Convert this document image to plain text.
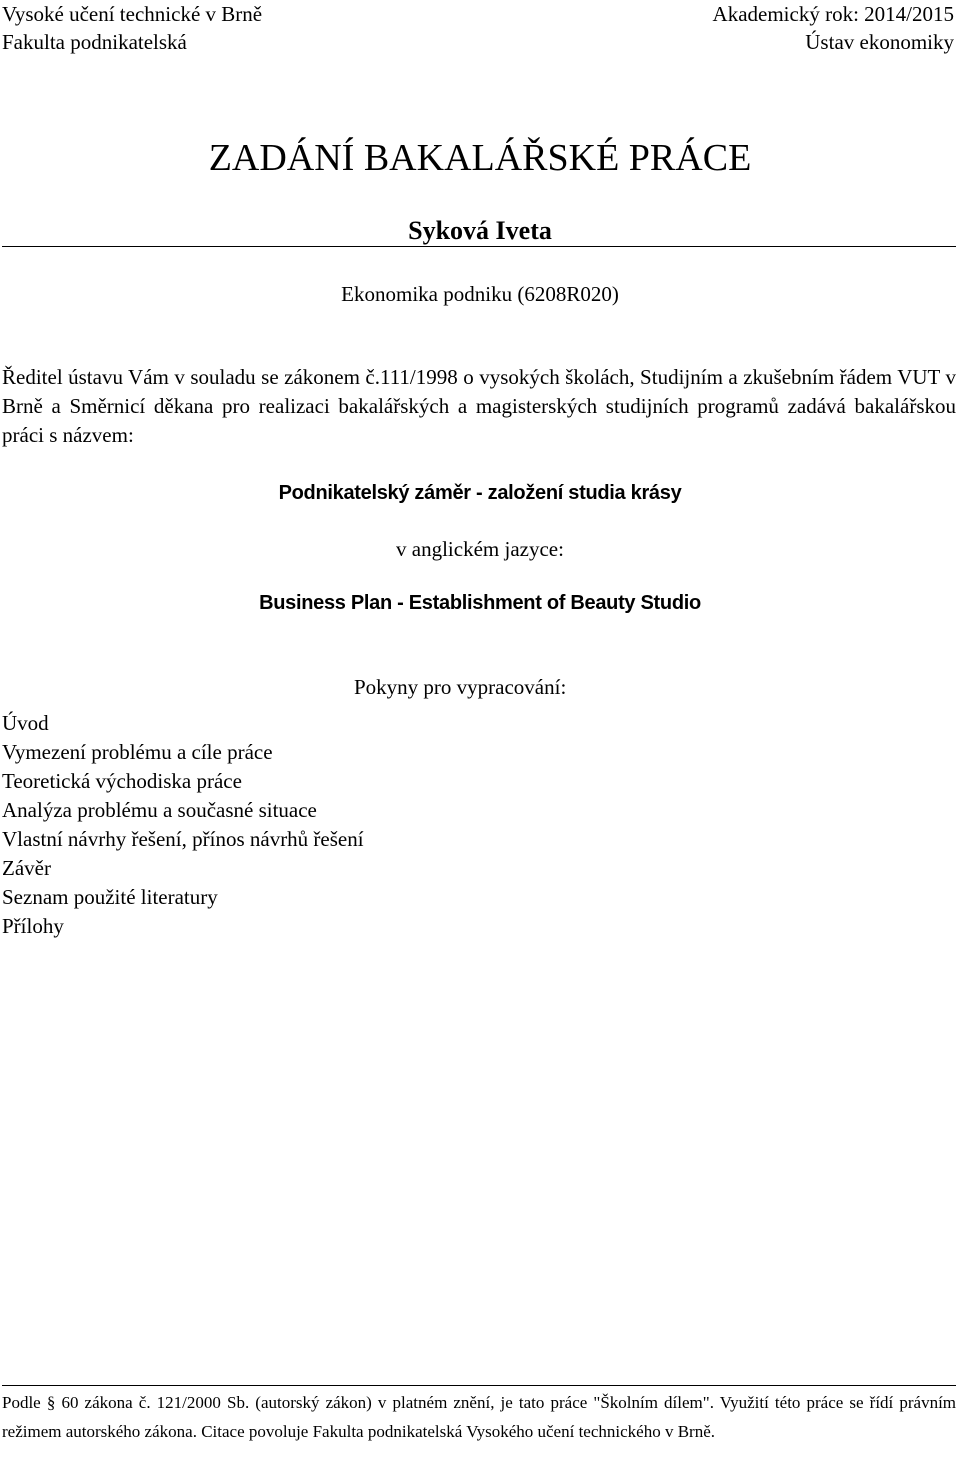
Vysoké učení technické v Brně
Fakulta podnikatelská
Akademický rok: 2014/2015
Ústav ekonomiky
ZADÁNÍ BAKALÁŘSKÉ PRÁCE
Syková Iveta
Ekonomika podniku (6208R020)
Ředitel ústavu Vám v souladu se zákonem č.111/1998 o vysokých školách, Studijním a zkušebním řádem VUT v Brně a Směrnicí děkana pro realizaci bakalářských a magisterských studijních programů zadává bakalářskou práci s názvem:
Podnikatelský záměr - založení studia krásy
v anglickém jazyce:
Business Plan - Establishment of Beauty Studio
Pokyny pro vypracování:
Úvod
Vymezení problému a cíle práce
Teoretická východiska práce
Analýza problému a současné situace
Vlastní návrhy řešení, přínos návrhů řešení
Závěr
Seznam použité literatury
Přílohy
Podle § 60 zákona č. 121/2000 Sb. (autorský zákon) v platném znění, je tato práce "Školním dílem". Využití této práce se řídí právním režimem autorského zákona. Citace povoluje Fakulta podnikatelská Vysokého učení technického v Brně.
